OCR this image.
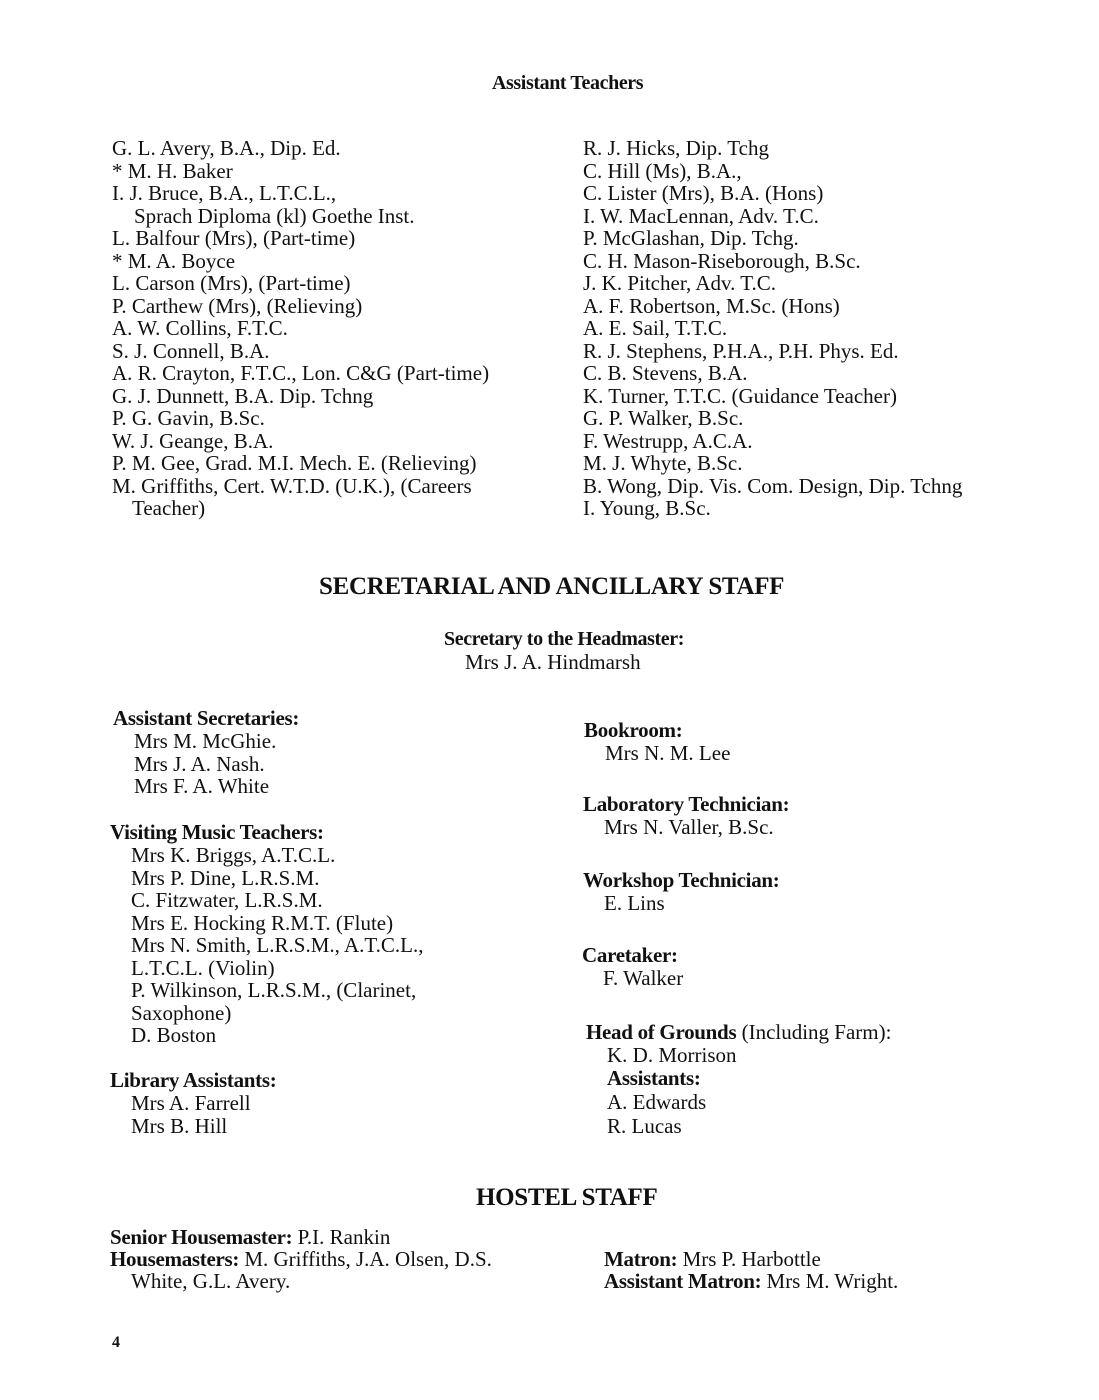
Assistant Teachers
G. L. Avery, B.A., Dip. Ed.
* M. H. Baker
I. J. Bruce, B.A., L.T.C.L.,
Sprach Diploma (kl) Goethe Inst.
L. Balfour (Mrs), (Part-time)
* M. A. Boyce
L. Carson (Mrs), (Part-time)
P. Carthew (Mrs), (Relieving)
A. W. Collins, F.T.C.
S. J. Connell, B.A.
A. R. Crayton, F.T.C., Lon. C&G (Part-time)
G. J. Dunnett, B.A. Dip. Tchng
P. G. Gavin, B.Sc.
W. J. Geange, B.A.
P. M. Gee, Grad. M.I. Mech. E. (Relieving)
M. Griffiths, Cert. W.T.D. (U.K.), (Careers
Teacher)
R. J. Hicks, Dip. Tchg
C. Hill (Ms), B.A.,
C. Lister (Mrs), B.A. (Hons)
I. W. MacLennan, Adv. T.C.
P. McGlashan, Dip. Tchg.
C. H. Mason-Riseborough, B.Sc.
J. K. Pitcher, Adv. T.C.
A. F. Robertson, M.Sc. (Hons)
A. E. Sail, T.T.C.
R. J. Stephens, P.H.A., P.H. Phys. Ed.
C. B. Stevens, B.A.
K. Turner, T.T.C. (Guidance Teacher)
G. P. Walker, B.Sc.
F. Westrupp, A.C.A.
M. J. Whyte, B.Sc.
B. Wong, Dip. Vis. Com. Design, Dip. Tchng
I. Young, B.Sc.
SECRETARIAL AND ANCILLARY STAFF
Secretary to the Headmaster:
Mrs J. A. Hindmarsh
Assistant Secretaries:
Mrs M. McGhie.
Mrs J. A. Nash.
Mrs F. A. White
Visiting Music Teachers:
Mrs K. Briggs, A.T.C.L.
Mrs P. Dine, L.R.S.M.
C. Fitzwater, L.R.S.M.
Mrs E. Hocking R.M.T. (Flute)
Mrs N. Smith, L.R.S.M., A.T.C.L.,
L.T.C.L. (Violin)
P. Wilkinson, L.R.S.M., (Clarinet,
Saxophone)
D. Boston
Library Assistants:
Mrs A. Farrell
Mrs B. Hill
Bookroom:
Mrs N. M. Lee
Laboratory Technician:
Mrs N. Valler, B.Sc.
Workshop Technician:
E. Lins
Caretaker:
F. Walker
Head of Grounds (Including Farm):
K. D. Morrison
Assistants:
A. Edwards
R. Lucas
HOSTEL STAFF
Senior Housemaster: P.I. Rankin
Housemasters: M. Griffiths, J.A. Olsen, D.S.
White, G.L. Avery.
Matron: Mrs P. Harbottle
Assistant Matron: Mrs M. Wright.
4
